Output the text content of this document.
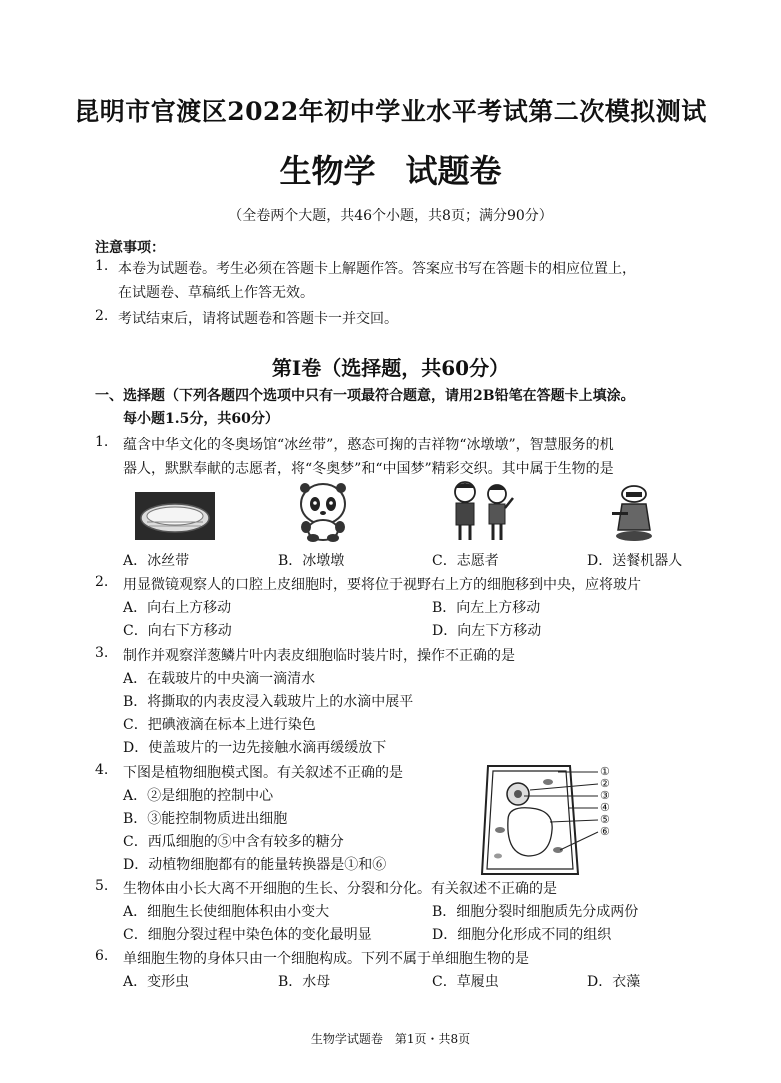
昆明市官渡区2022年初中学业水平考试第二次模拟测试
生物学 试题卷
（全卷两个大题，共46个小题，共8页；满分90分）
注意事项：
1. 本卷为试题卷。考生必须在答题卡上解题作答。答案应书写在答题卡的相应位置上，
在试题卷、草稿纸上作答无效。
2. 考试结束后，请将试题卷和答题卡一并交回。
第Ⅰ卷（选择题，共60分）
一、选择题（下列各题四个选项中只有一项最符合题意，请用2B铅笔在答题卡上填涂。
每小题1.5分，共60分）
1. 蕴含中华文化的冬奥场馆“冰丝带”，憨态可掬的吉祥物“冰墩墩”，智慧服务的机
器人，默默奉献的志愿者，将“冬奥梦”和“中国梦”精彩交织。其中属于生物的是
A．冰丝带	B．冰墩墩	C．志愿者	D．送餐机器人
2. 用显微镜观察人的口腔上皮细胞时，要将位于视野右上方的细胞移到中央，应将玻片
A．向右上方移动	B．向左上方移动
C．向右下方移动	D．向左下方移动
3. 制作并观察洋葱鳞片叶内表皮细胞临时装片时，操作不正确的是
A．在载玻片的中央滴一滴清水
B．将撕取的内表皮浸入载玻片上的水滴中展平
C．把碘液滴在标本上进行染色
D．使盖玻片的一边先接触水滴再缓缓放下
4. 下图是植物细胞模式图。有关叙述不正确的是
A．②是细胞的控制中心
B．③能控制物质进出细胞
C．西瓜细胞的⑤中含有较多的糖分
D．动植物细胞都有的能量转换器是①和⑥
①
②
③
④
⑤
⑥
5. 生物体由小长大离不开细胞的生长、分裂和分化。有关叙述不正确的是
A．细胞生长使细胞体积由小变大	B．细胞分裂时细胞质先分成两份
C．细胞分裂过程中染色体的变化最明显	D．细胞分化形成不同的组织
6. 单细胞生物的身体只由一个细胞构成。下列不属于单细胞生物的是
A．变形虫	B．水母	C．草履虫	D．衣藻
生物学试题卷　第1页・共8页
